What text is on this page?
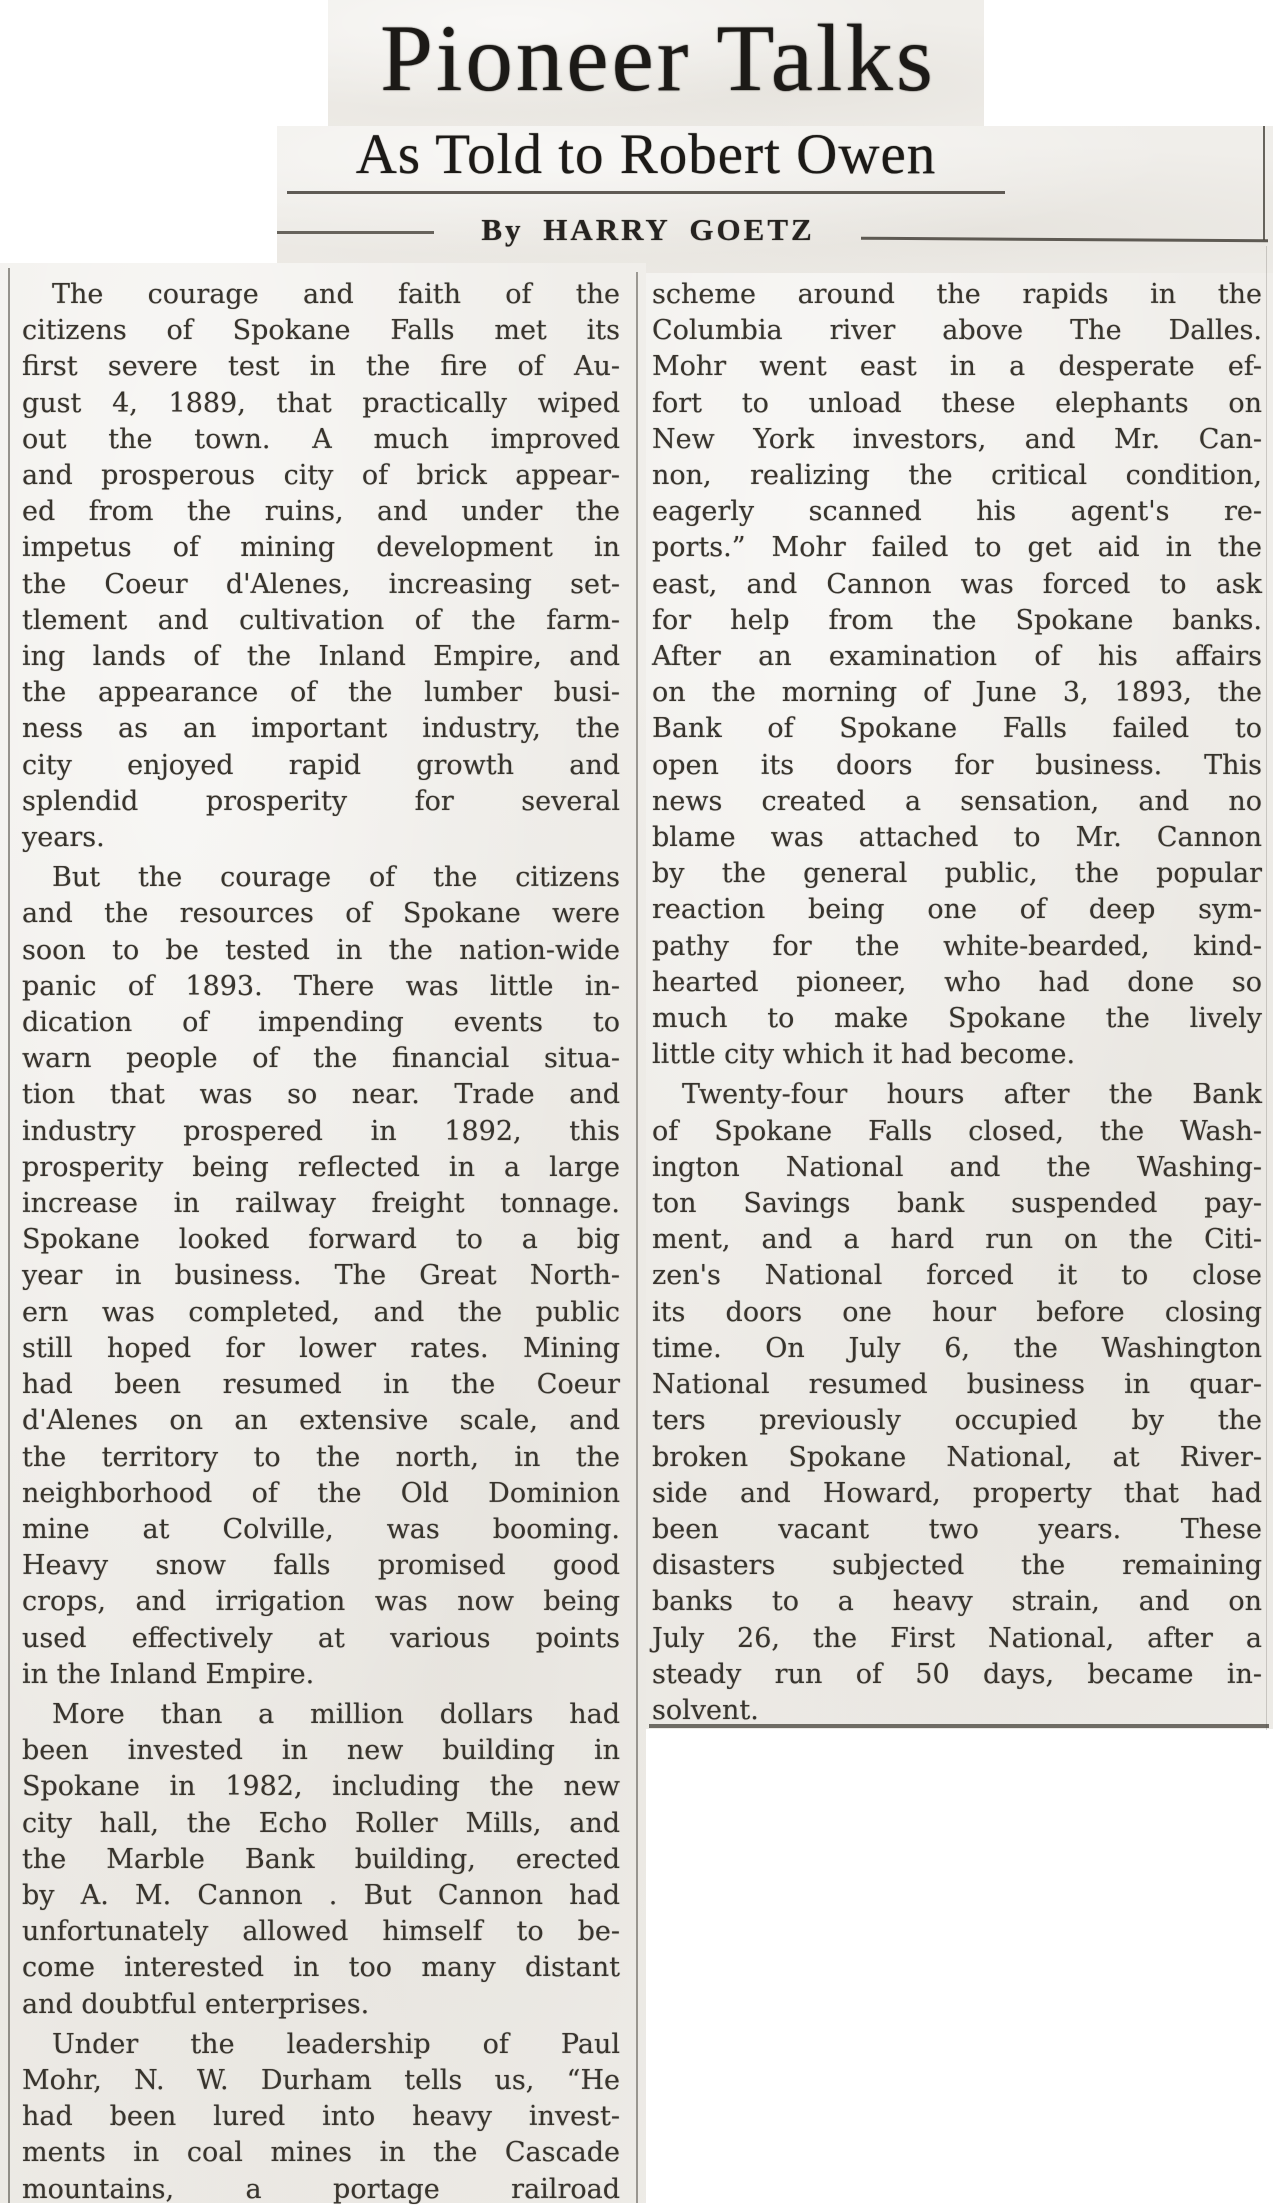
Pioneer Talks
As Told to Robert Owen
By HARRY GOETZ
The courage and faith of the
citizens of Spokane Falls met its
first severe test in the fire of Au-
gust 4, 1889, that practically wiped
out the town. A much improved
and prosperous city of brick appear-
ed from the ruins, and under the
impetus of mining development in
the Coeur d'Alenes, increasing set-
tlement and cultivation of the farm-
ing lands of the Inland Empire, and
the appearance of the lumber busi-
ness as an important industry, the
city enjoyed rapid growth and
splendid prosperity for several
years.
But the courage of the citizens
and the resources of Spokane were
soon to be tested in the nation-wide
panic of 1893. There was little in-
dication of impending events to
warn people of the financial situa-
tion that was so near. Trade and
industry prospered in 1892, this
prosperity being reflected in a large
increase in railway freight tonnage.
Spokane looked forward to a big
year in business. The Great North-
ern was completed, and the public
still hoped for lower rates. Mining
had been resumed in the Coeur
d'Alenes on an extensive scale, and
the territory to the north, in the
neighborhood of the Old Dominion
mine at Colville, was booming.
Heavy snow falls promised good
crops, and irrigation was now being
used effectively at various points
in the Inland Empire.
More than a million dollars had
been invested in new building in
Spokane in 1982, including the new
city hall, the Echo Roller Mills, and
the Marble Bank building, erected
by A. M. Cannon . But Cannon had
unfortunately allowed himself to be-
come interested in too many distant
and doubtful enterprises.
Under the leadership of Paul
Mohr, N. W. Durham tells us, “He
had been lured into heavy invest-
ments in coal mines in the Cascade
mountains, a portage railroad
scheme around the rapids in the
Columbia river above The Dalles.
Mohr went east in a desperate ef-
fort to unload these elephants on
New York investors, and Mr. Can-
non, realizing the critical condition,
eagerly scanned his agent's re-
ports.” Mohr failed to get aid in the
east, and Cannon was forced to ask
for help from the Spokane banks.
After an examination of his affairs
on the morning of June 3, 1893, the
Bank of Spokane Falls failed to
open its doors for business. This
news created a sensation, and no
blame was attached to Mr. Cannon
by the general public, the popular
reaction being one of deep sym-
pathy for the white-bearded, kind-
hearted pioneer, who had done so
much to make Spokane the lively
little city which it had become.
Twenty-four hours after the Bank
of Spokane Falls closed, the Wash-
ington National and the Washing-
ton Savings bank suspended pay-
ment, and a hard run on the Citi-
zen's National forced it to close
its doors one hour before closing
time. On July 6, the Washington
National resumed business in quar-
ters previously occupied by the
broken Spokane National, at River-
side and Howard, property that had
been vacant two years. These
disasters subjected the remaining
banks to a heavy strain, and on
July 26, the First National, after a
steady run of 50 days, became in-
solvent.
